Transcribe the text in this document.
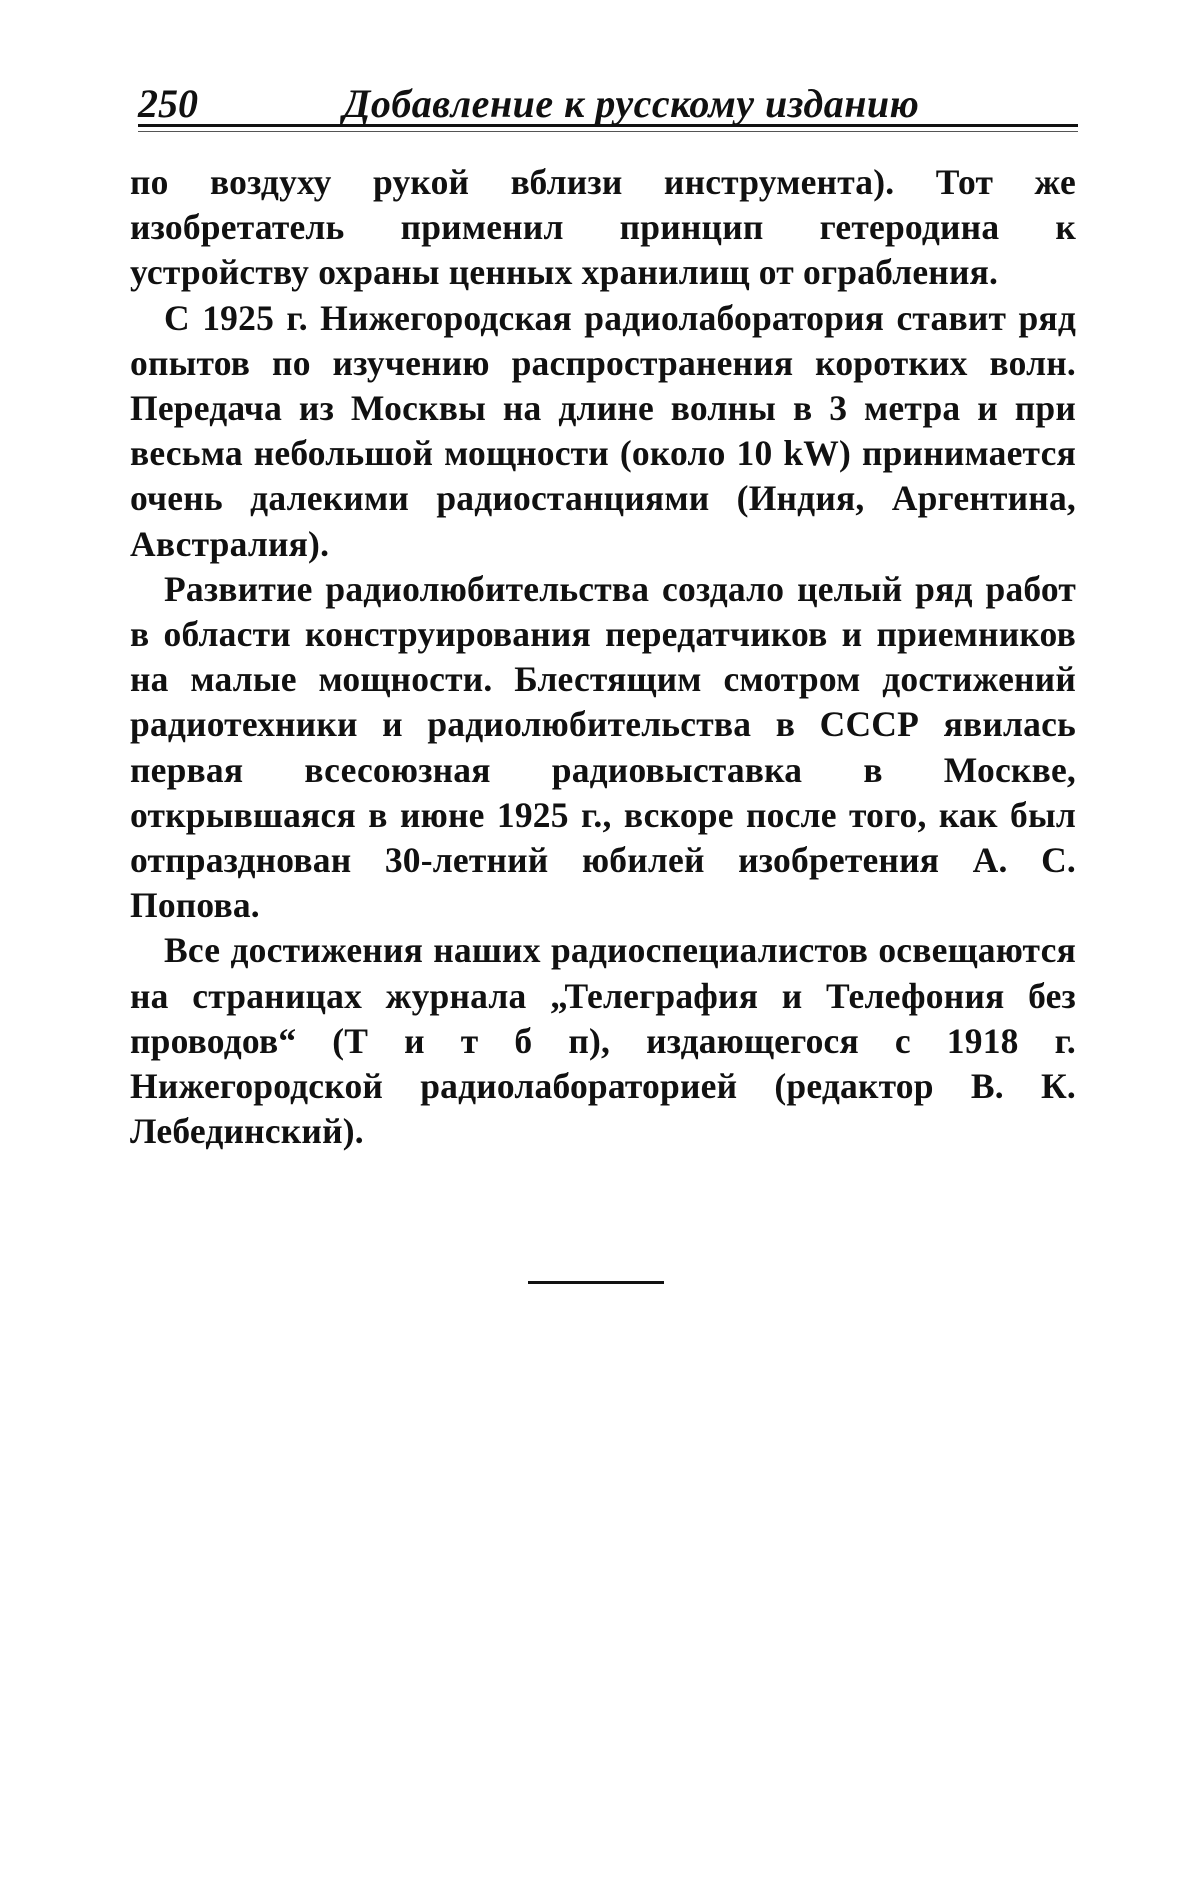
250	Добавление к русскому изданию

по воздуху рукой вблизи инструмента). Тот же изобретатель применил принцип гетеродина к устройству охраны ценных хранилищ от ограбления.

С 1925 г. Нижегородская радиолаборатория ставит ряд опытов по изучению распространения коротких волн. Передача из Москвы на длине волны в 3 метра и при весьма небольшой мощности (около 10 kW) принимается очень далекими радиостанциями (Индия, Аргентина, Австралия).

Развитие радиолюбительства создало целый ряд работ в области конструирования передатчиков и приемников на малые мощности. Блестящим смотром достижений радиотехники и радиолюбительства в СССР явилась первая всесоюзная радиовыставка в Москве, открывшаяся в июне 1925 г., вскоре после того, как был отпразднован 30-летний юбилей изобретения А. С. Попова.

Все достижения наших радиоспециалистов освещаются на страницах журнала „Телеграфия и Телефония без проводов“ (Т и т б п), издающегося с 1918 г. Нижегородской радиолабораторией (редактор В. К. Лебединский).
